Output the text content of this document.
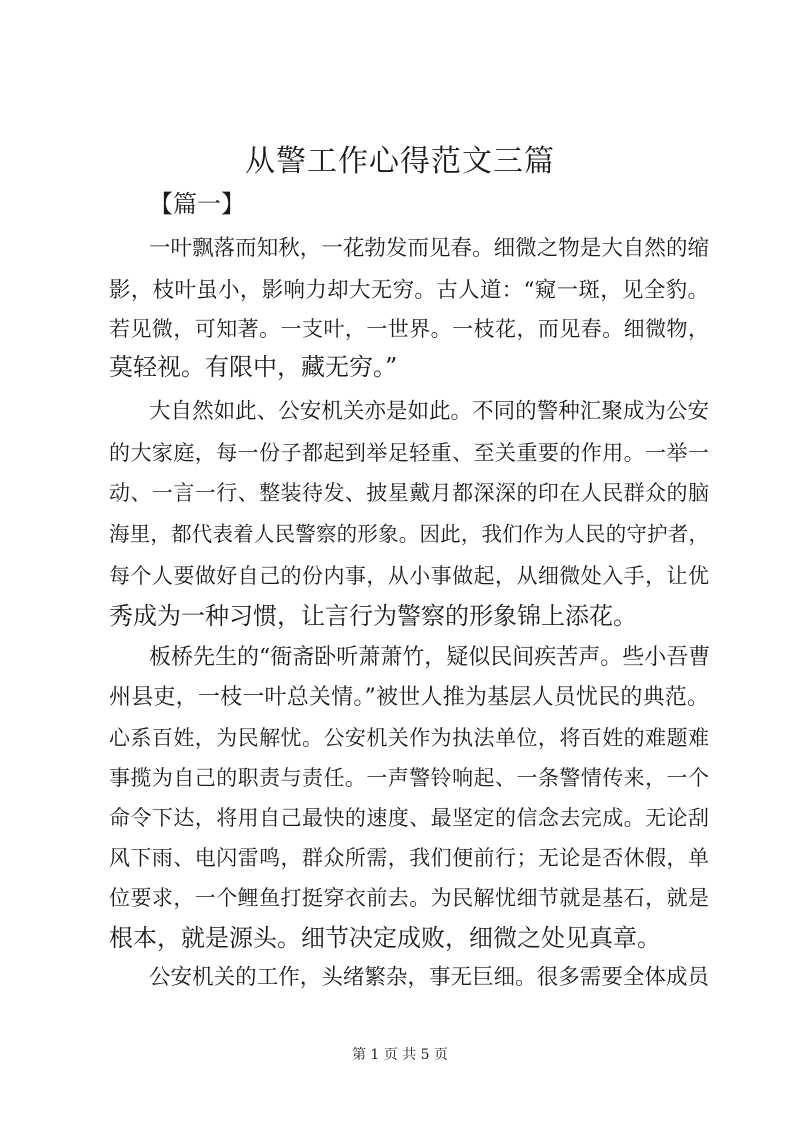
从警工作心得范文三篇
【篇一】
一叶飘落而知秋，一花勃发而见春。细微之物是大自然的缩
影，枝叶虽小，影响力却大无穷。古人道：“窥一斑，见全豹。
若见微，可知著。一支叶，一世界。一枝花，而见春。细微物，
莫轻视。有限中，藏无穷。”
大自然如此、公安机关亦是如此。不同的警种汇聚成为公安
的大家庭，每一份子都起到举足轻重、至关重要的作用。一举一
动、一言一行、整装待发、披星戴月都深深的印在人民群众的脑
海里，都代表着人民警察的形象。因此，我们作为人民的守护者，
每个人要做好自己的份内事，从小事做起，从细微处入手，让优
秀成为一种习惯，让言行为警察的形象锦上添花。
板桥先生的“衙斋卧听萧萧竹，疑似民间疾苦声。些小吾曹
州县吏，一枝一叶总关情。”被世人推为基层人员忧民的典范。
心系百姓，为民解忧。公安机关作为执法单位，将百姓的难题难
事揽为自己的职责与责任。一声警铃响起、一条警情传来，一个
命令下达，将用自己最快的速度、最坚定的信念去完成。无论刮
风下雨、电闪雷鸣，群众所需，我们便前行；无论是否休假，单
位要求，一个鲤鱼打挺穿衣前去。为民解忧细节就是基石，就是
根本，就是源头。细节决定成败，细微之处见真章。
公安机关的工作，头绪繁杂，事无巨细。很多需要全体成员
第 1 页 共 5 页
